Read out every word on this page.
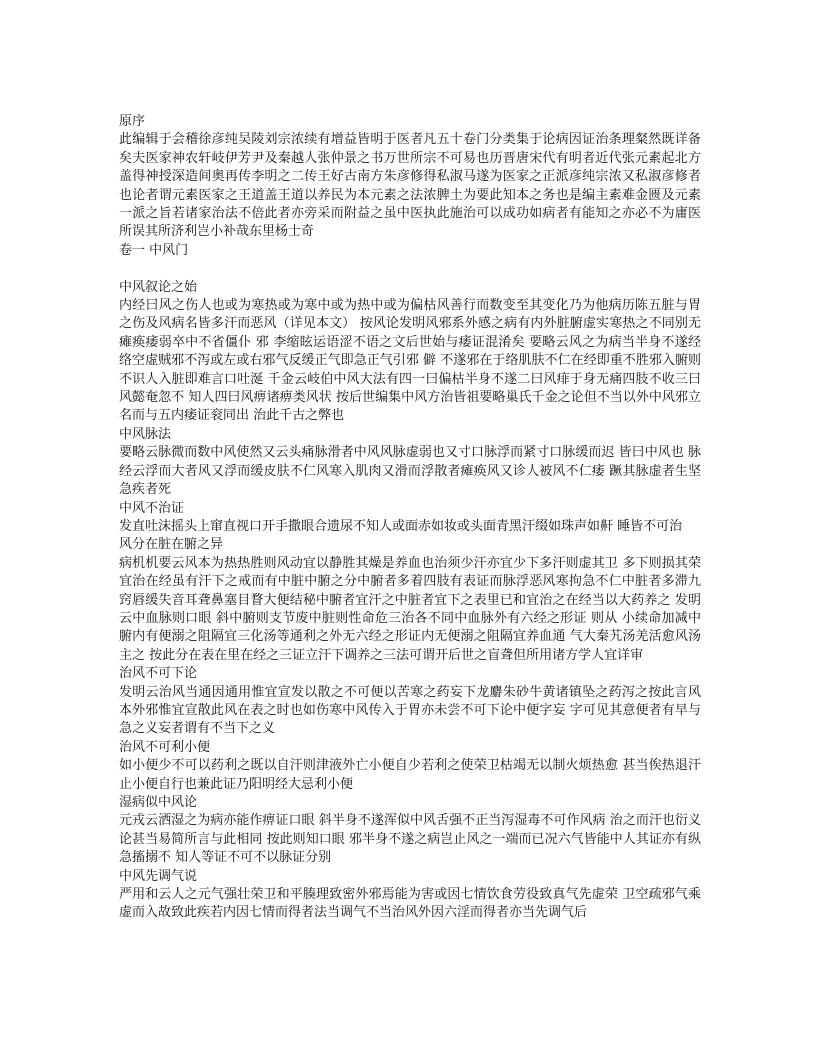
原序

此编辑于会稽徐彦纯吴陵刘宗浓续有增益皆明于医者凡五十卷门分类集于论病因证治条理粲然既详备矣夫医家神农轩岐伊芳尹及秦越人张仲景之书万世所宗不可易也历晋唐宋代有明者近代张元素起北方盖得神授深造间奥再传李明之二传王好古南方朱彦修得私淑马遂为医家之正派彦纯宗浓又私淑彦修者也论者谓元素医家之王道盖王道以养民为本元素之法浓脾土为要此知本之务也是编主素难金匮及元素一派之旨若诸家治法不倍此者亦旁采而附益之虽中医执此施治可以成功如病者有能知之亦必不为庸医所误其所济利岂小补哉东里杨士奇

卷一 中风门

中风叙论之始

内经曰风之伤人也或为寒热或为寒中或为热中或为偏枯风善行而数变至其变化乃为他病历陈五脏与胃之伤及风病名皆多汗而恶风（详见本文） 按风论发明风邪系外感之病有内外脏腑虚实寒热之不同别无瘫痪痿弱卒中不省僵仆 邪 李缩眩运语涩不语之文后世始与痿证混淆矣 要略云风之为病当半身不遂经络空虚贼邪不泻或左或右邪气反缓正气即急正气引邪 僻 不遂邪在于络肌肤不仁在经即重不胜邪入腑则不识人入脏即难言口吐涎 千金云岐伯中风大法有四一曰偏枯半身不遂二曰风痱于身无痛四肢不收三曰风懿奄忽不 知人四曰风痹诸痹类风状 按后世编集中风方治皆祖要略巢氏千金之论但不当以外中风邪立名而与五内痿证衮同出 治此千古之弊也

中风脉法

要略云脉微而数中风使然又云头痛脉滑者中风风脉虚弱也又寸口脉浮而紧寸口脉缓而迟 皆曰中风也 脉经云浮而大者风又浮而缓皮肤不仁风寒入肌肉又滑而浮散者瘫痪风又诊人被风不仁痿 蹶其脉虚者生坚急疾者死

中风不治证

发直吐沫摇头上窜直视口开手撒眼合遗尿不知人或面赤如妆或头面青黑汗缀如珠声如鼾 睡皆不可治

风分在脏在腑之异

病机机要云风本为热热胜则风动宜以静胜其燥是养血也治须少汗亦宜少下多汗则虚其卫 多下则损其荣宜治在经虽有汗下之戒而有中脏中腑之分中腑者多着四肢有表证而脉浮恶风寒拘急不仁中脏者多滞九窍唇缓失音耳聋鼻塞目瞀大便结秘中腑者宜汗之中脏者宜下之表里已和宜治之在经当以大药养之 发明云中血脉则口眼 斜中腑则支节废中脏则性命危三治各不同中血脉外有六经之形证 则从 小续命加减中腑内有便溺之阻隔宜三化汤等通利之外无六经之形证内无便溺之阻隔宜养血通 气大秦艽汤羌活愈风汤主之 按此分在表在里在经之三证立汗下调养之三法可谓开后世之盲聋但所用诸方学人宜详审

治风不可下论

发明云治风当通因通用惟宜宣发以散之不可便以苦寒之药妄下龙麝朱砂牛黄诸镇坠之药泻之按此言风本外邪惟宜宣散此风在表之时也如伤寒中风传入于胃亦未尝不可下论中便字妄 字可见其意便者有早与急之义妄者谓有不当下之义

治风不可利小便

如小便少不可以药利之既以自汗则津液外亡小便自少若利之使荣卫枯竭无以制火烦热愈 甚当俟热退汗止小便自行也兼此证乃阳明经大忌利小便

湿病似中风论

元戎云洒湿之为病亦能作痹证口眼 斜半身不遂浑似中风舌强不正当泻湿毒不可作风病 治之而汗也衍义论甚当易简所言与此相同 按此则知口眼 邪半身不遂之病岂止风之一端而已况六气皆能中人其证亦有纵急搐搦不 知人等证不可不以脉证分别

中风先调气说

严用和云人之元气强壮荣卫和平腠理致密外邪焉能为害或因七情饮食劳役致真气先虚荣 卫空疏邪气乘虚而入故致此疾若内因七情而得者法当调气不当治风外因六淫而得者亦当先调气后
